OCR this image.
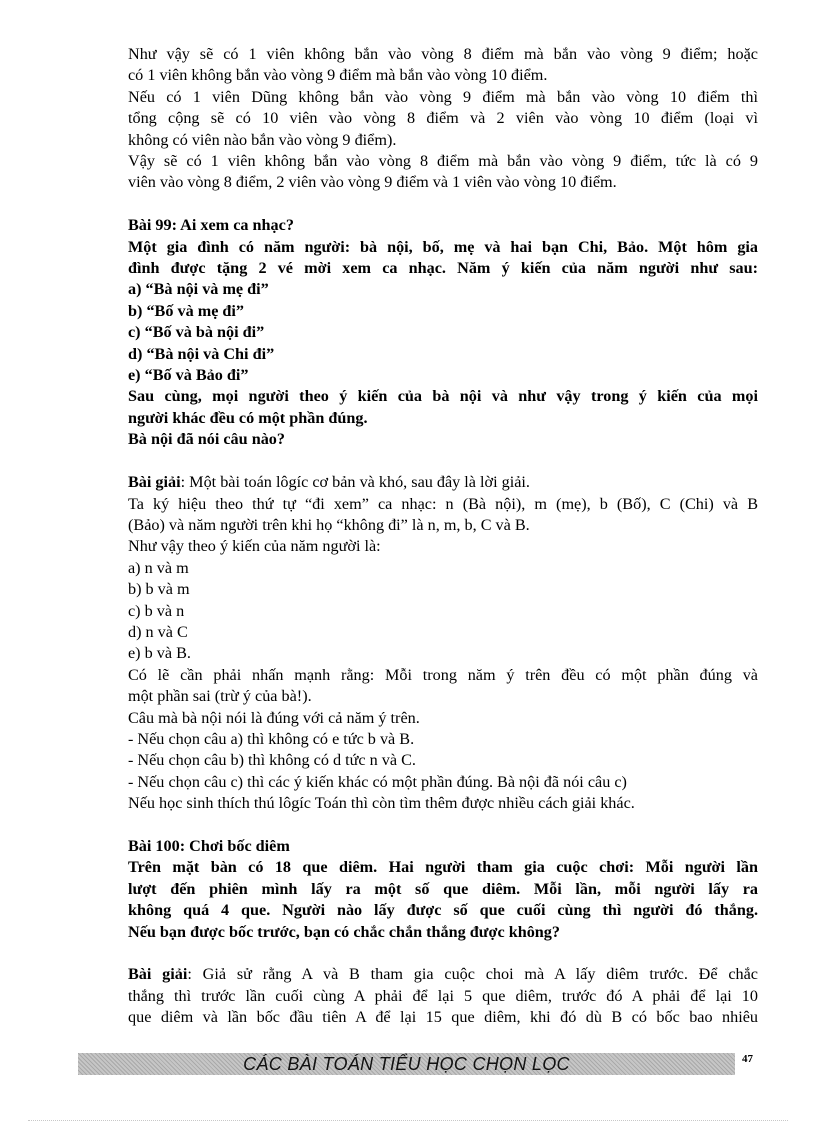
Như vậy sẽ có 1 viên không bắn vào vòng 8 điểm mà bắn vào vòng 9 điểm; hoặc
có 1 viên không bắn vào vòng 9 điểm mà bắn vào vòng 10 điểm.
Nếu có 1 viên Dũng không bắn vào vòng 9 điểm mà bắn vào vòng 10 điểm thì
tổng cộng sẽ có 10 viên vào vòng 8 điểm và 2 viên vào vòng 10 điểm (loại vì
không có viên nào bắn vào vòng 9 điểm).
Vậy sẽ có 1 viên không bắn vào vòng 8 điểm mà bắn vào vòng 9 điểm, tức là có 9
viên vào vòng 8 điểm, 2 viên vào vòng 9 điểm và 1 viên vào vòng 10 điểm.
Bài 99: Ai xem ca nhạc?
Một gia đình có năm người: bà nội, bố, mẹ và hai bạn Chi, Bảo. Một hôm gia
đình được tặng 2 vé mời xem ca nhạc. Năm ý kiến của năm người như sau:
a) “Bà nội và mẹ đi”
b) “Bố và mẹ đi”
c) “Bố và bà nội đi”
d) “Bà nội và Chi đi”
e) “Bố và Bảo đi”
Sau cùng, mọi người theo ý kiến của bà nội và như vậy trong ý kiến của mọi
người khác đều có một phần đúng.
Bà nội đã nói câu nào?
Bài giải: Một bài toán lôgíc cơ bản và khó, sau đây là lời giải.
Ta ký hiệu theo thứ tự “đi xem” ca nhạc: n (Bà nội), m (mẹ), b (Bố), C (Chi) và B
(Bảo) và năm người trên khi họ “không đi” là n, m, b, C và B.
Như vậy theo ý kiến của năm người là:
a) n và m
b) b và m
c) b và n
d) n và C
e) b và B.
Có lẽ cần phải nhấn mạnh rằng: Mỗi trong năm ý trên đều có một phần đúng và
một phần sai (trừ ý của bà!).
Câu mà bà nội nói là đúng với cả năm ý trên.
- Nếu chọn câu a) thì không có e tức b và B.
- Nếu chọn câu b) thì không có d tức n và C.
- Nếu chọn câu c) thì các ý kiến khác có một phần đúng. Bà nội đã nói câu c)
Nếu học sinh thích thú lôgíc Toán thì còn tìm thêm được nhiều cách giải khác.
Bài 100: Chơi bốc diêm
Trên mặt bàn có 18 que diêm. Hai người tham gia cuộc chơi: Mỗi người lần
lượt đến phiên mình lấy ra một số que diêm. Mỗi lần, mỗi người lấy ra
không quá 4 que. Người nào lấy được số que cuối cùng thì người đó thắng.
Nếu bạn được bốc trước, bạn có chắc chắn thắng được không?
Bài giải: Giả sử rằng A và B tham gia cuộc choi mà A lấy diêm trước. Để chắc
thắng thì trước lần cuối cùng A phải để lại 5 que diêm, trước đó A phải để lại 10
que diêm và lần bốc đầu tiên A để lại 15 que diêm, khi đó dù B có bốc bao nhiêu
CÁC BÀI TOÁN TIỂU HỌC CHỌN LỌC	47
